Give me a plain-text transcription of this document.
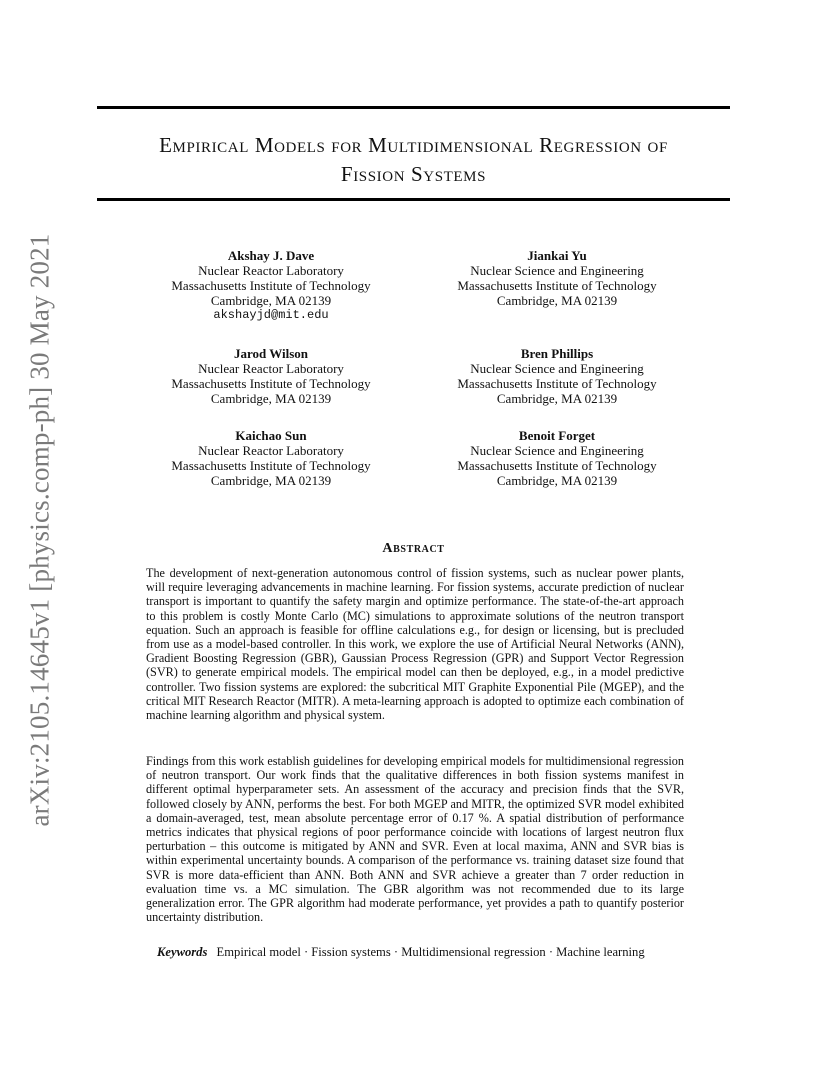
arXiv:2105.14645v1 [physics.comp-ph] 30 May 2021
Empirical Models for Multidimensional Regression of
Fission Systems
Akshay J. Dave
Nuclear Reactor Laboratory
Massachusetts Institute of Technology
Cambridge, MA 02139
akshayjd@mit.edu
Jiankai Yu
Nuclear Science and Engineering
Massachusetts Institute of Technology
Cambridge, MA 02139
Jarod Wilson
Nuclear Reactor Laboratory
Massachusetts Institute of Technology
Cambridge, MA 02139
Bren Phillips
Nuclear Science and Engineering
Massachusetts Institute of Technology
Cambridge, MA 02139
Kaichao Sun
Nuclear Reactor Laboratory
Massachusetts Institute of Technology
Cambridge, MA 02139
Benoit Forget
Nuclear Science and Engineering
Massachusetts Institute of Technology
Cambridge, MA 02139
Abstract

The development of next-generation autonomous control of fission systems, such as nuclear power plants, will require leveraging advancements in machine learning. For fission systems, accurate prediction of nuclear transport is important to quantify the safety margin and optimize performance. The state-of-the-art approach to this problem is costly Monte Carlo (MC) simulations to approximate solutions of the neutron transport equation. Such an approach is feasible for offline calculations e.g., for design or licensing, but is precluded from use as a model-based controller. In this work, we explore the use of Artificial Neural Networks (ANN), Gradient Boosting Regression (GBR), Gaussian Process Regression (GPR) and Support Vector Regression (SVR) to generate empirical models. The empirical model can then be deployed, e.g., in a model predictive controller. Two fission systems are explored: the subcritical MIT Graphite Exponential Pile (MGEP), and the critical MIT Research Reactor (MITR). A meta-learning approach is adopted to optimize each combination of machine learning algorithm and physical system.

Findings from this work establish guidelines for developing empirical models for multidimensional regression of neutron transport. Our work finds that the qualitative differences in both fission systems manifest in different optimal hyperparameter sets. An assessment of the accuracy and precision finds that the SVR, followed closely by ANN, performs the best. For both MGEP and MITR, the optimized SVR model exhibited a domain-averaged, test, mean absolute percentage error of 0.17 %. A spatial distribution of performance metrics indicates that physical regions of poor performance coincide with locations of largest neutron flux perturbation – this outcome is mitigated by ANN and SVR. Even at local maxima, ANN and SVR bias is within experimental uncertainty bounds. A comparison of the performance vs. training dataset size found that SVR is more data-efficient than ANN. Both ANN and SVR achieve a greater than 7 order reduction in evaluation time vs. a MC simulation. The GBR algorithm was not recommended due to its large generalization error. The GPR algorithm had moderate performance, yet provides a path to quantify posterior uncertainty distribution.

Keywords Empirical model · Fission systems · Multidimensional regression · Machine learning
